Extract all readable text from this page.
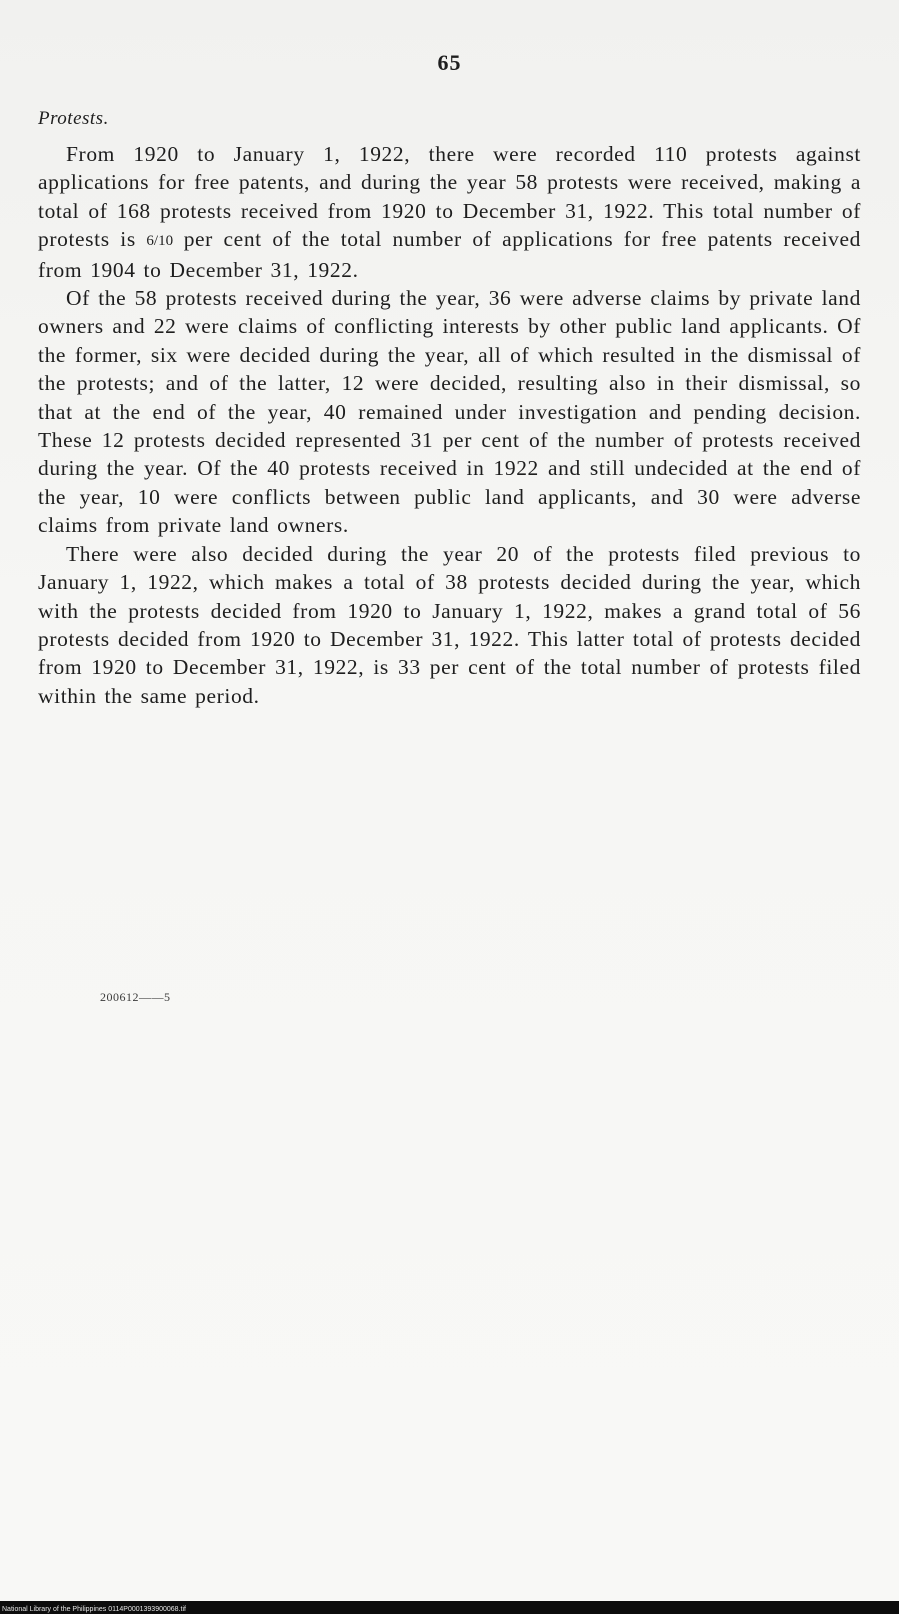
65
Protests.

From 1920 to January 1, 1922, there were recorded 110 protests against applications for free patents, and during the year 58 protests were received, making a total of 168 protests received from 1920 to December 31, 1922. This total number of protests is 6/10 per cent of the total number of applications for free patents received from 1904 to December 31, 1922.

Of the 58 protests received during the year, 36 were adverse claims by private land owners and 22 were claims of conflicting interests by other public land applicants. Of the former, six were decided during the year, all of which resulted in the dismissal of the protests; and of the latter, 12 were decided, resulting also in their dismissal, so that at the end of the year, 40 remained under investigation and pending decision. These 12 protests decided represented 31 per cent of the number of protests received during the year. Of the 40 protests received in 1922 and still undecided at the end of the year, 10 were conflicts between public land applicants, and 30 were adverse claims from private land owners.

There were also decided during the year 20 of the protests filed previous to January 1, 1922, which makes a total of 38 protests decided during the year, which with the protests decided from 1920 to January 1, 1922, makes a grand total of 56 protests decided from 1920 to December 31, 1922. This latter total of protests decided from 1920 to December 31, 1922, is 33 per cent of the total number of protests filed within the same period.

200612——5
National Library of the Philippines 0114P0001393900068.tif
